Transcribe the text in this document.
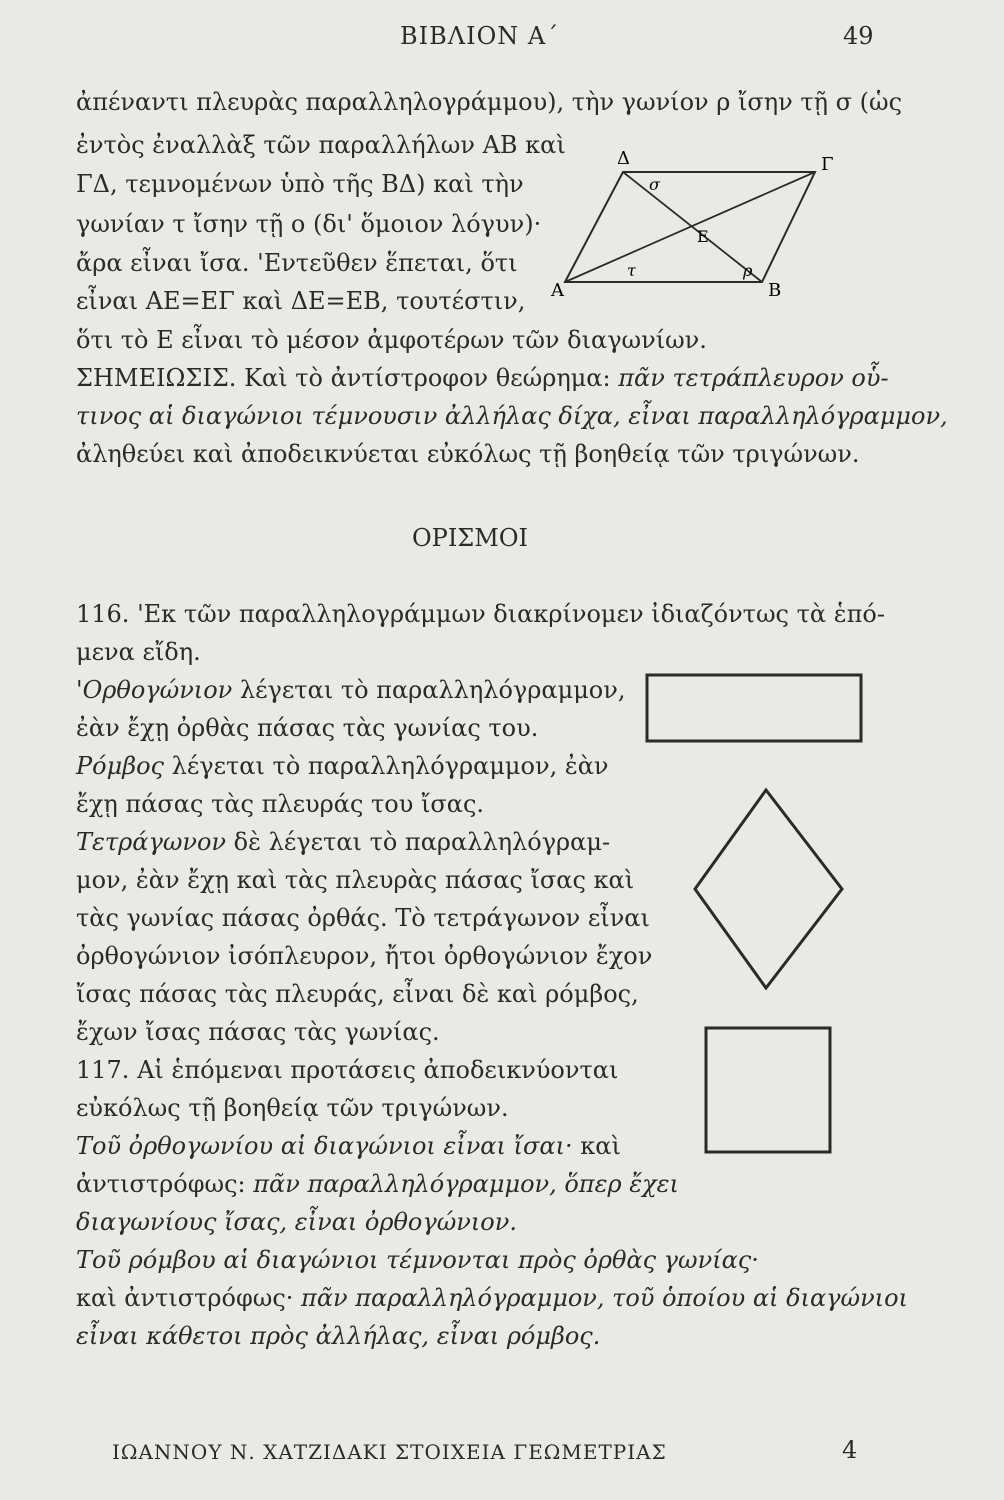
ΒΙΒΛΙΟΝ Α΄	49
ἀπέναντι πλευρὰς παραλληλογράμμου), τὴν γωνίον ρ ἴσην τῇ σ (ὡς
ἐντὸς ἐναλλὰξ τῶν παραλλήλων ΑΒ καὶ
ΓΔ, τεμνομένων ὑπὸ τῆς ΒΔ) καὶ τὴν
γωνίαν τ ἴσην τῇ ο (δι' ὅμοιον λόγυν)·
ἄρα εἶναι ἴσα. 'Εντεῦθεν ἕπεται, ὅτι
εἶναι ΑΕ=ΕΓ καὶ ΔΕ=ΕΒ, τουτέστιν,
ὅτι τὸ Ε εἶναι τὸ μέσον ἀμφοτέρων τῶν διαγωνίων.
Δ	Γ
Α	Β
Ε
σ
τ	ρ
ΣΗΜΕΙΩΣΙΣ. Καὶ τὸ ἀντίστροφον θεώρημα: πᾶν τετράπλευρον οὗ-
τινος αἱ διαγώνιοι τέμνουσιν ἀλλήλας δίχα, εἶναι παραλληλόγραμμον,
ἀληθεύει καὶ ἀποδεικνύεται εὐκόλως τῇ βοηθείᾳ τῶν τριγώνων.
ΟΡΙΣΜΟΙ
116. 'Εκ τῶν παραλληλογράμμων διακρίνομεν ἰδιαζόντως τὰ ἑπό-
μενα εἴδη.
'Ορθογώνιον λέγεται τὸ παραλληλόγραμμον,
ἐὰν ἔχῃ ὀρθὰς πάσας τὰς γωνίας του.
Ρόμβος λέγεται τὸ παραλληλόγραμμον, ἐὰν
ἔχῃ πάσας τὰς πλευράς του ἴσας.
Τετράγωνον δὲ λέγεται τὸ παραλληλόγραμ-
μον, ἐὰν ἔχῃ καὶ τὰς πλευρὰς πάσας ἴσας καὶ
τὰς γωνίας πάσας ὀρθάς. Τὸ τετράγωνον εἶναι
ὀρθογώνιον ἰσόπλευρον, ἤτοι ὀρθογώνιον ἔχον
ἴσας πάσας τὰς πλευράς, εἶναι δὲ καὶ ρόμβος,
ἔχων ἴσας πάσας τὰς γωνίας.
117. Αἱ ἑπόμεναι προτάσεις ἀποδεικνύονται
εὐκόλως τῇ βοηθείᾳ τῶν τριγώνων.
Τοῦ ὀρθογωνίου αἱ διαγώνιοι εἶναι ἴσαι· καὶ
ἀντιστρόφως: πᾶν παραλληλόγραμμον, ὅπερ ἔχει
διαγωνίους ἴσας, εἶναι ὀρθογώνιον.
Τοῦ ρόμβου αἱ διαγώνιοι τέμνονται πρὸς ὀρθὰς γωνίας·
καὶ ἀντιστρόφως· πᾶν παραλληλόγραμμον, τοῦ ὁποίου αἱ διαγώνιοι
εἶναι κάθετοι πρὸς ἀλλήλας, εἶναι ρόμβος.
ΙΩΑΝΝΟΥ Ν. ΧΑΤΖΙΔΑΚΙ ΣΤΟΙΧΕΙΑ ΓΕΩΜΕΤΡΙΑΣ	4
